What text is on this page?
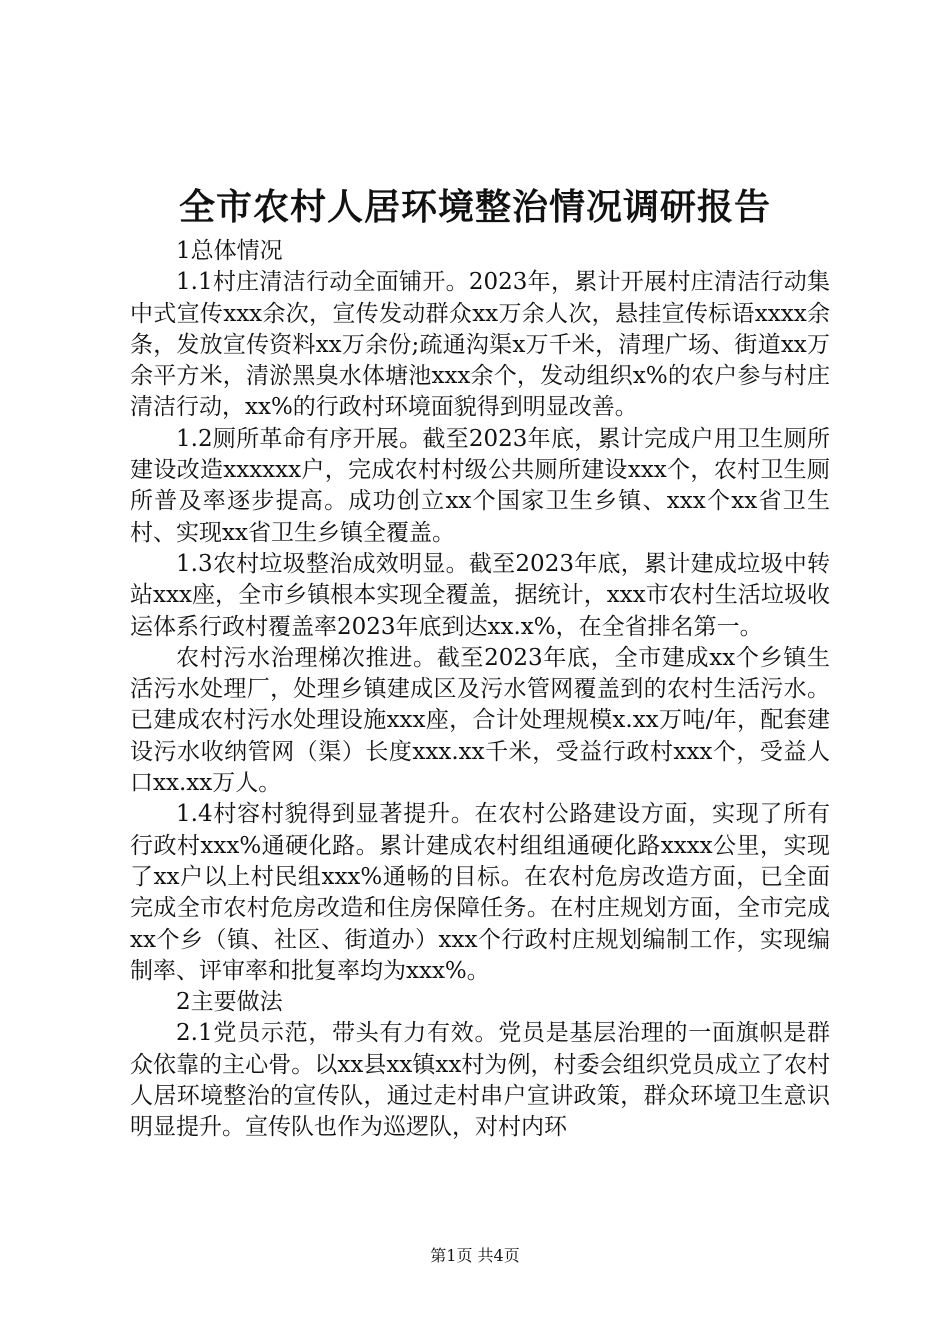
全市农村人居环境整治情况调研报告

1总体情况

1.1村庄清洁行动全面铺开。2023年，累计开展村庄清洁行动集中式宣传xxx余次，宣传发动群众xx万余人次，悬挂宣传标语xxxx余条，发放宣传资料xx万余份;疏通沟渠x万千米，清理广场、街道xx万余平方米，清淤黑臭水体塘池xxx余个，发动组织x%的农户参与村庄清洁行动，xx%的行政村环境面貌得到明显改善。

1.2厕所革命有序开展。截至2023年底，累计完成户用卫生厕所建设改造xxxxxx户，完成农村村级公共厕所建设xxx个，农村卫生厕所普及率逐步提高。成功创立xx个国家卫生乡镇、xxx个xx省卫生村、实现xx省卫生乡镇全覆盖。

1.3农村垃圾整治成效明显。截至2023年底，累计建成垃圾中转站xxx座，全市乡镇根本实现全覆盖，据统计，xxx市农村生活垃圾收运体系行政村覆盖率2023年底到达xx.x%，在全省排名第一。

农村污水治理梯次推进。截至2023年底，全市建成xx个乡镇生活污水处理厂，处理乡镇建成区及污水管网覆盖到的农村生活污水。已建成农村污水处理设施xxx座，合计处理规模x.xx万吨/年，配套建设污水收纳管网（渠）长度xxx.xx千米，受益行政村xxx个，受益人口xx.xx万人。

1.4村容村貌得到显著提升。在农村公路建设方面，实现了所有行政村xxx%通硬化路。累计建成农村组组通硬化路xxxx公里，实现了xx户以上村民组xxx%通畅的目标。在农村危房改造方面，已全面完成全市农村危房改造和住房保障任务。在村庄规划方面，全市完成xx个乡（镇、社区、街道办）xxx个行政村庄规划编制工作，实现编制率、评审率和批复率均为xxx%。

2主要做法

2.1党员示范，带头有力有效。党员是基层治理的一面旗帜是群众依靠的主心骨。以xx县xx镇xx村为例，村委会组织党员成立了农村人居环境整治的宣传队，通过走村串户宣讲政策，群众环境卫生意识明显提升。宣传队也作为巡逻队，对村内环

第1页 共4页
